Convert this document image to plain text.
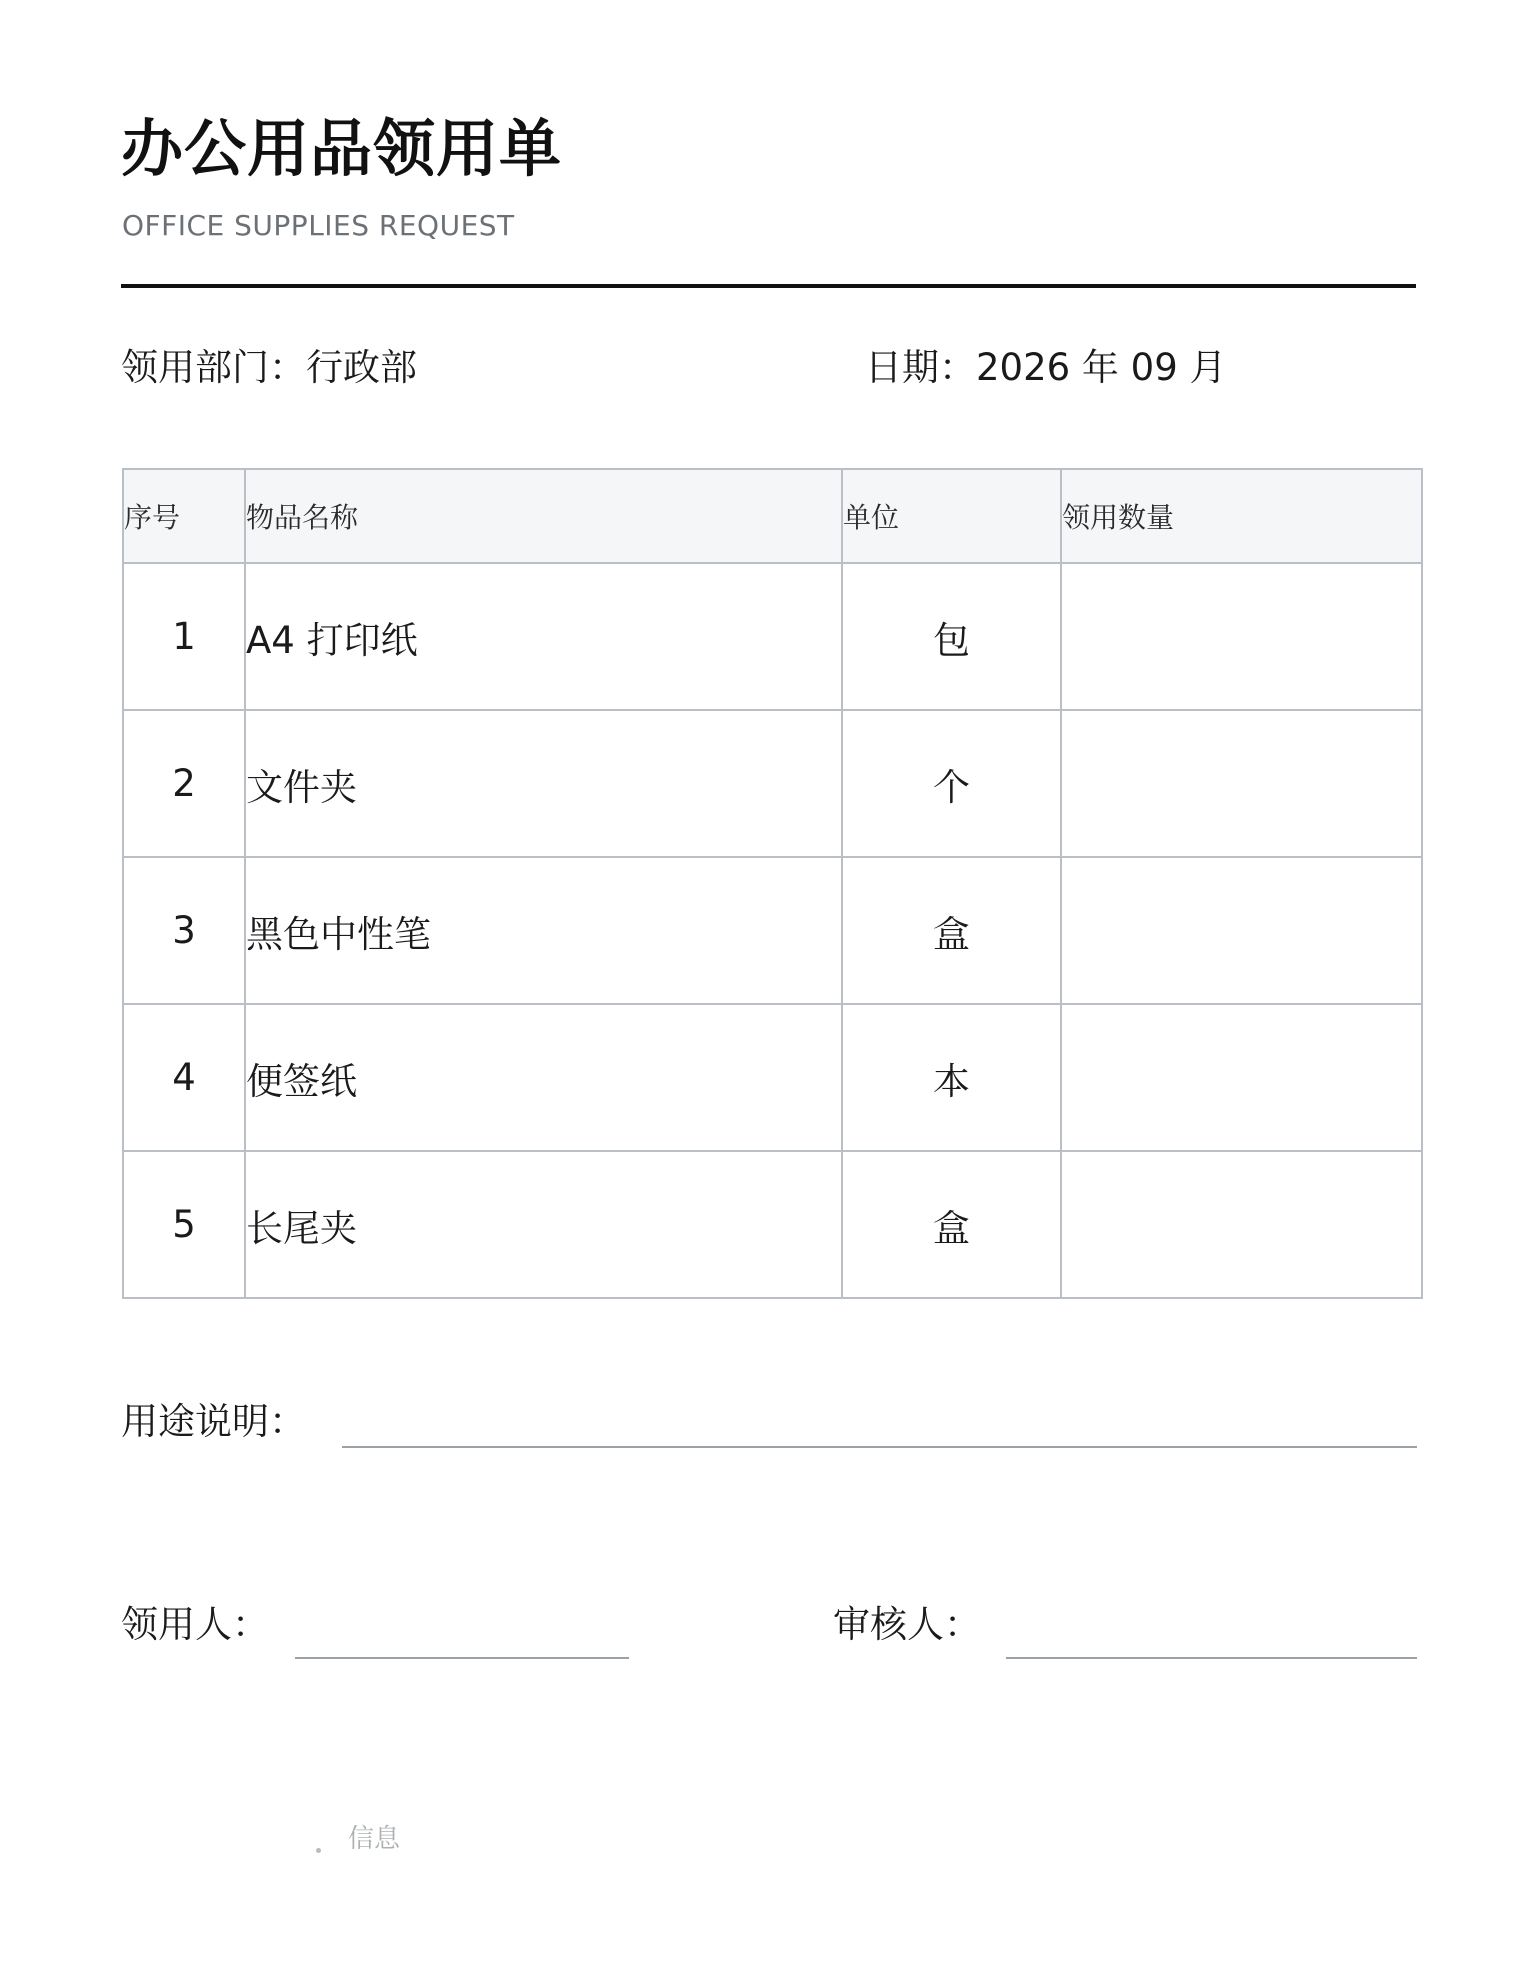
办公用品领用单
OFFICE SUPPLIES REQUEST
领用部门：行政部	日期：2026 年 09 月
序号	物品名称	单位	领用数量
1	A4 打印纸	包	
2	文件夹	个	
3	黑色中性笔	盒	
4	便签纸	本	
5	长尾夹	盒	
用途说明：
领用人：	审核人：
信息
